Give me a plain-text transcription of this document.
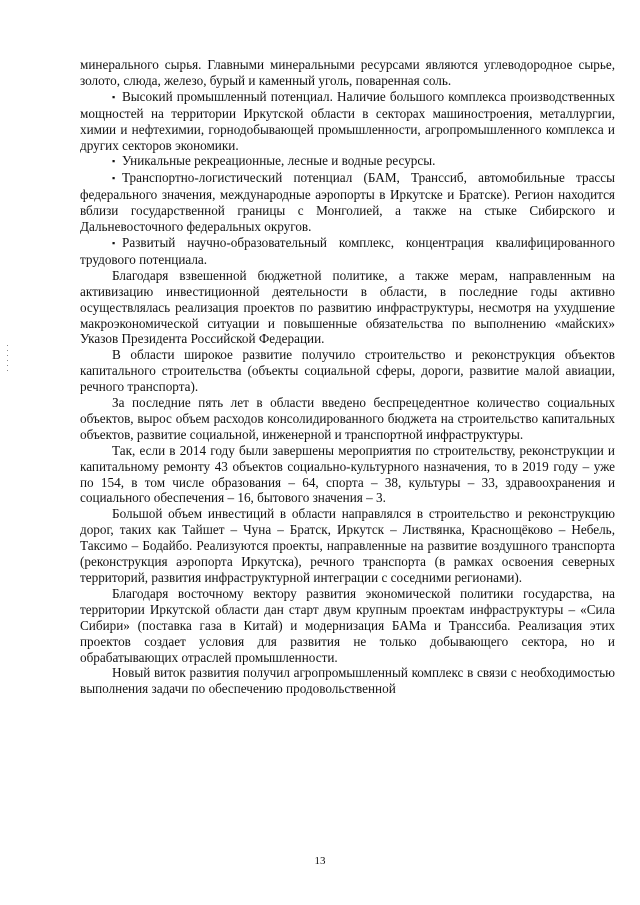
минерального сырья. Главными минеральными ресурсами являются углеводородное сырье, золото, слюда, железо, бурый и каменный уголь, поваренная соль.

▪ Высокий промышленный потенциал. Наличие большого комплекса производственных мощностей на территории Иркутской области в секторах машиностроения, металлургии, химии и нефтехимии, горнодобывающей промышленности, агропромышленного комплекса и других секторов экономики.

▪ Уникальные рекреационные, лесные и водные ресурсы.

▪ Транспортно-логистический потенциал (БАМ, Транссиб, автомобильные трассы федерального значения, международные аэропорты в Иркутске и Братске). Регион находится вблизи государственной границы с Монголией, а также на стыке Сибирского и Дальневосточного федеральных округов.

▪ Развитый научно-образовательный комплекс, концентрация квалифицированного трудового потенциала.

Благодаря взвешенной бюджетной политике, а также мерам, направленным на активизацию инвестиционной деятельности в области, в последние годы активно осуществлялась реализация проектов по развитию инфраструктуры, несмотря на ухудшение макроэкономической ситуации и повышенные обязательства по выполнению «майских» Указов Президента Российской Федерации.

В области широкое развитие получило строительство и реконструкция объектов капитального строительства (объекты социальной сферы, дороги, развитие малой авиации, речного транспорта).

За последние пять лет в области введено беспрецедентное количество социальных объектов, вырос объем расходов консолидированного бюджета на строительство капитальных объектов, развитие социальной, инженерной и транспортной инфраструктуры.

Так, если в 2014 году были завершены мероприятия по строительству, реконструкции и капитальному ремонту 43 объектов социально-культурного назначения, то в 2019 году – уже по 154, в том числе образования – 64, спорта – 38, культуры – 33, здравоохранения и социального обеспечения – 16, бытового значения – 3.

Большой объем инвестиций в области направлялся в строительство и реконструкцию дорог, таких как Тайшет – Чуна – Братск, Иркутск – Листвянка, Краснощёково – Небель, Таксимо – Бодайбо. Реализуются проекты, направленные на развитие воздушного транспорта (реконструкция аэропорта Иркутска), речного транспорта (в рамках освоения северных территорий, развития инфраструктурной интеграции с соседними регионами).

Благодаря восточному вектору развития экономической политики государства, на территории Иркутской области дан старт двум крупным проектам инфраструктуры – «Сила Сибири» (поставка газа в Китай) и модернизация БАМа и Транссиба. Реализация этих проектов создает условия для развития не только добывающего сектора, но и обрабатывающих отраслей промышленности.

Новый виток развития получил агропромышленный комплекс в связи с необходимостью выполнения задачи по обеспечению продовольственной

13
